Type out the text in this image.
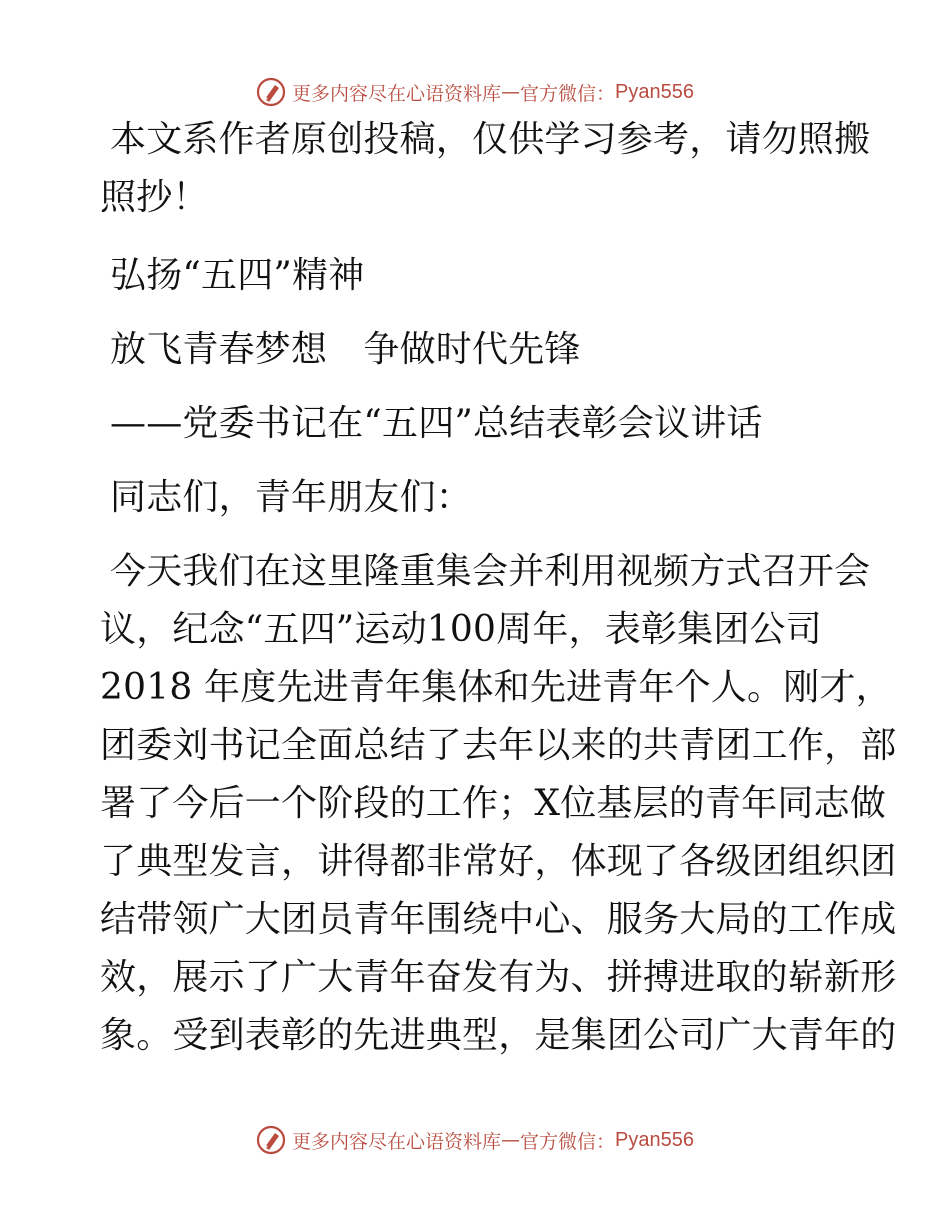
更多内容尽在心语资料库 — 官方微信： Pyan556
本文系作者原创投稿，仅供学习参考，请勿照搬
照抄！
弘扬“五四”精神
放飞青春梦想　争做时代先锋
——党委书记在“五四”总结表彰会议讲话
同志们，青年朋友们：
今天我们在这里隆重集会并利用视频方式召开会
议，纪念“五四”运动100周年，表彰集团公司
2018 年度先进青年集体和先进青年个人。刚才，
团委刘书记全面总结了去年以来的共青团工作，部
署了今后一个阶段的工作；X位基层的青年同志做
了典型发言，讲得都非常好，体现了各级团组织团
结带领广大团员青年围绕中心、服务大局的工作成
效，展示了广大青年奋发有为、拼搏进取的崭新形
象。受到表彰的先进典型，是集团公司广大青年的
更多内容尽在心语资料库 — 官方微信： Pyan556
